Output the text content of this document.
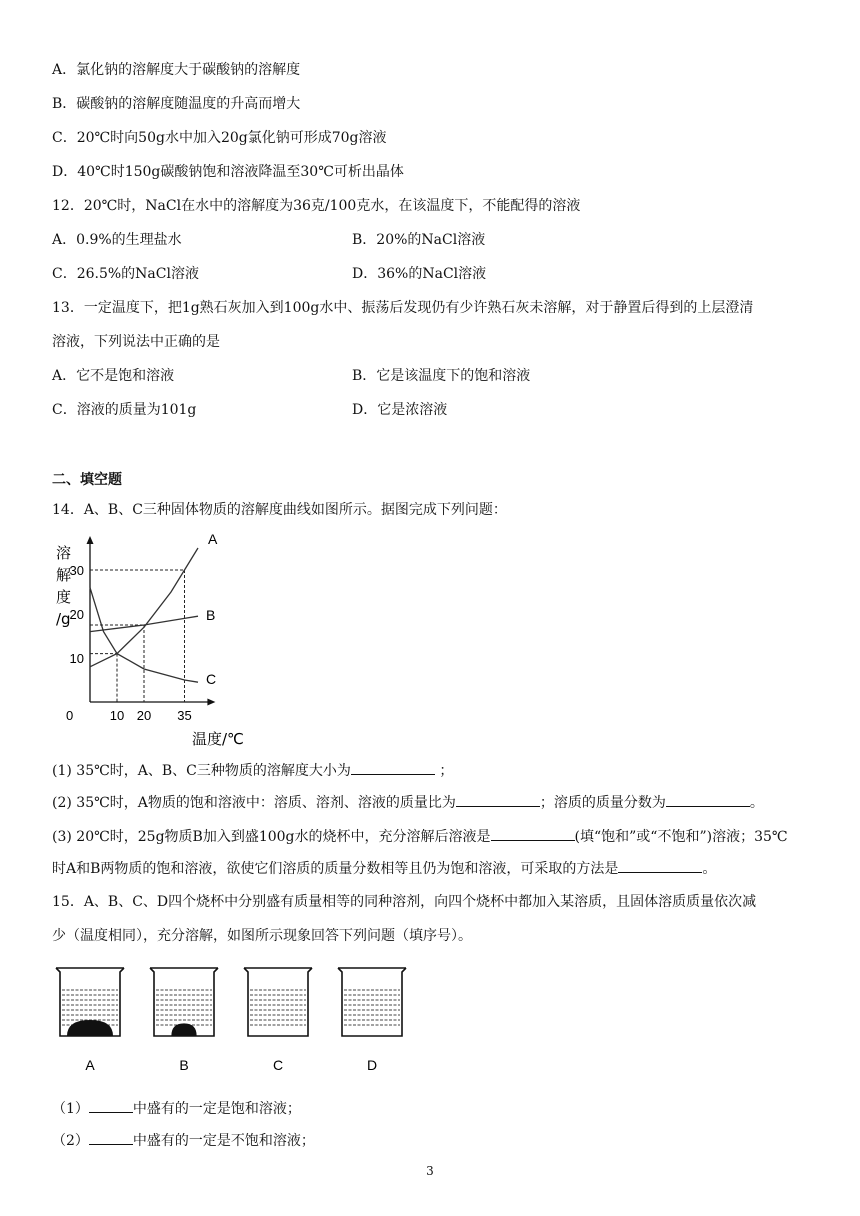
A．氯化钠的溶解度大于碳酸钠的溶解度
B．碳酸钠的溶解度随温度的升高而增大
C．20℃时向50g水中加入20g氯化钠可形成70g溶液
D．40℃时150g碳酸钠饱和溶液降温至30℃可析出晶体
12．20℃时，NaCl在水中的溶解度为36克/100克水，在该温度下，不能配得的溶液
A．0.9%的生理盐水	B．20%的NaCl溶液
C．26.5%的NaCl溶液	D．36%的NaCl溶液
13．一定温度下，把1g熟石灰加入到100g水中、振荡后发现仍有少许熟石灰未溶解，对于静置后得到的上层澄清
溶液，下列说法中正确的是
A．它不是饱和溶液	B．它是该温度下的饱和溶液
C．溶液的质量为101g	D．它是浓溶液
二、填空题
14．A、B、C三种固体物质的溶解度曲线如图所示。据图完成下列问题：
A
B
C
10 20 35
10
20
30
0
溶
解
度
/g
温度/℃
(1) 35℃时，A、B、C三种物质的溶解度大小为	；
(2) 35℃时，A物质的饱和溶液中：溶质、溶剂、溶液的质量比为	；溶质的质量分数为	。
(3) 20℃时，25g物质B加入到盛100g水的烧杯中，充分溶解后溶液是	(填“饱和”或“不饱和”)溶液；35℃
时A和B两物质的饱和溶液，欲使它们溶质的质量分数相等且仍为饱和溶液，可采取的方法是	。
15．A、B、C、D四个烧杯中分别盛有质量相等的同种溶剂，向四个烧杯中都加入某溶质，且固体溶质质量依次减
少（温度相同），充分溶解，如图所示现象回答下列问题（填序号）。
A	B	C	D
（1）	中盛有的一定是饱和溶液；
（2）	中盛有的一定是不饱和溶液；
3
